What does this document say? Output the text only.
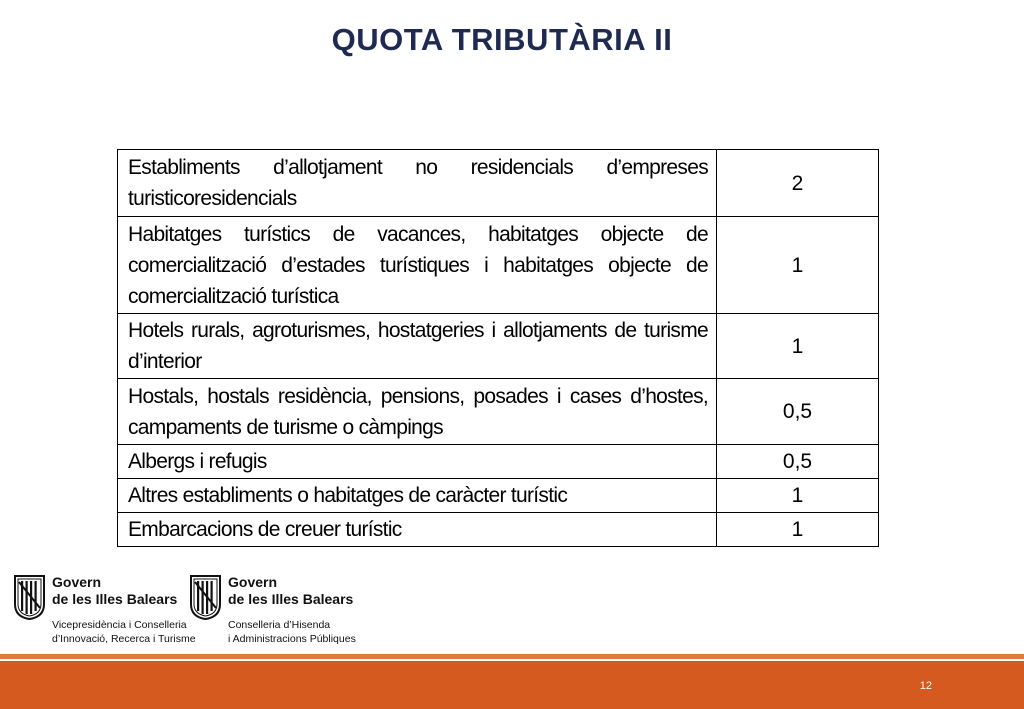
QUOTA TRIBUTÀRIA II
Establiments d’allotjament no residencials d’empreses turisticoresidencials	2
Habitatges turístics de vacances, habitatges objecte de comercialització d’estades turístiques i habitatges objecte de comercialització turística	1
Hotels rurals, agroturismes, hostatgeries i allotjaments de turisme d’interior	1
Hostals, hostals residència, pensions, posades i cases d’hostes, campaments de turisme o càmpings	0,5
Albergs i refugis	0,5
Altres establiments o habitatges de caràcter turístic	1
Embarcacions de creuer turístic	1
Govern
de les Illes Balears
Vicepresidència i Conselleria
d’Innovació, Recerca i Turisme
Govern
de les Illes Balears
Conselleria d’Hisenda
i Administracions Públiques
12
